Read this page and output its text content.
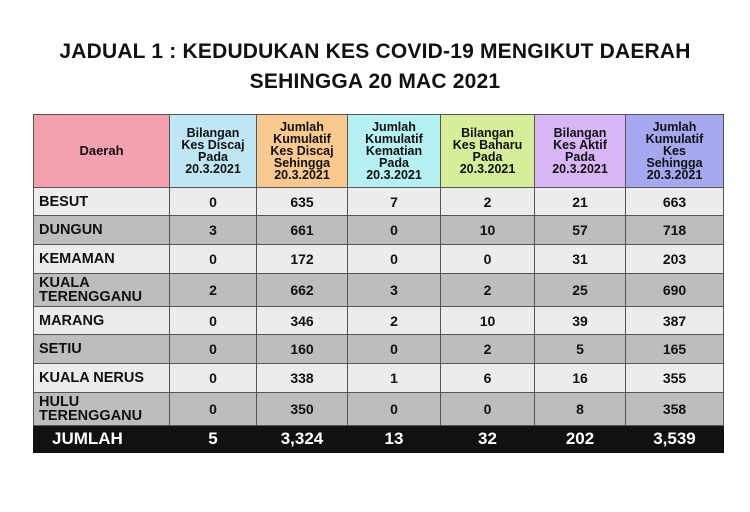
JADUAL 1 : KEDUDUKAN KES COVID-19 MENGIKUT DAERAH
SEHINGGA 20 MAC 2021
Daerah	Bilangan
Kes Discaj
Pada
20.3.2021	Jumlah
Kumulatif
Kes Discaj
Sehingga
20.3.2021	Jumlah
Kumulatif
Kematian
Pada
20.3.2021	Bilangan
Kes Baharu
Pada
20.3.2021	Bilangan
Kes Aktif
Pada
20.3.2021	Jumlah
Kumulatif
Kes
Sehingga
20.3.2021
BESUT	0	635	7	2	21	663
DUNGUN	3	661	0	10	57	718
KEMAMAN	0	172	0	0	31	203
KUALA
TERENGGANU	2	662	3	2	25	690
MARANG	0	346	2	10	39	387
SETIU	0	160	0	2	5	165
KUALA NERUS	0	338	1	6	16	355
HULU
TERENGGANU	0	350	0	0	8	358
JUMLAH	5	3,324	13	32	202	3,539
